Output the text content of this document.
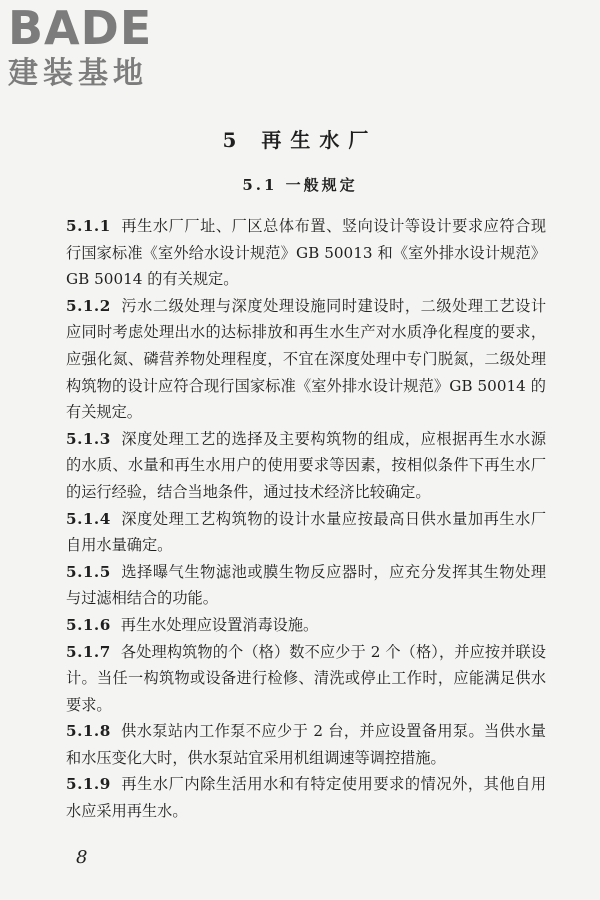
BADE
建装基地
5 再生水厂
5.1 一般规定

5.1.1 再生水厂厂址、厂区总体布置、竖向设计等设计要求应符合现行国家标准《室外给水设计规范》GB 50013 和《室外排水设计规范》GB 50014 的有关规定。

5.1.2 污水二级处理与深度处理设施同时建设时，二级处理工艺设计应同时考虑处理出水的达标排放和再生水生产对水质净化程度的要求，应强化氮、磷营养物处理程度，不宜在深度处理中专门脱氮，二级处理构筑物的设计应符合现行国家标准《室外排水设计规范》GB 50014 的有关规定。

5.1.3 深度处理工艺的选择及主要构筑物的组成，应根据再生水水源的水质、水量和再生水用户的使用要求等因素，按相似条件下再生水厂的运行经验，结合当地条件，通过技术经济比较确定。

5.1.4 深度处理工艺构筑物的设计水量应按最高日供水量加再生水厂自用水量确定。

5.1.5 选择曝气生物滤池或膜生物反应器时，应充分发挥其生物处理与过滤相结合的功能。

5.1.6 再生水处理应设置消毒设施。

5.1.7 各处理构筑物的个（格）数不应少于 2 个（格），并应按并联设计。当任一构筑物或设备进行检修、清洗或停止工作时，应能满足供水要求。

5.1.8 供水泵站内工作泵不应少于 2 台，并应设置备用泵。当供水量和水压变化大时，供水泵站宜采用机组调速等调控措施。

5.1.9 再生水厂内除生活用水和有特定使用要求的情况外，其他自用水应采用再生水。

8
